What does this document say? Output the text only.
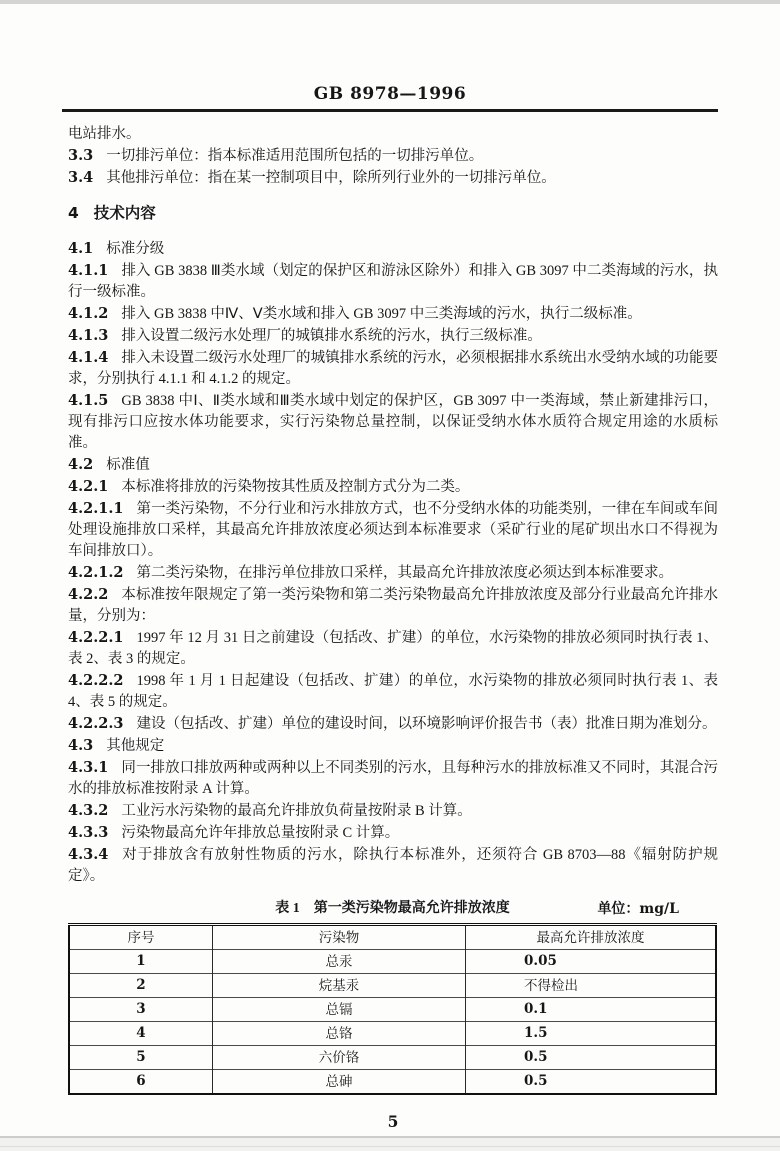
GB 8978—1996

电站排水。

3.3 一切排污单位：指本标准适用范围所包括的一切排污单位。

3.4 其他排污单位：指在某一控制项目中，除所列行业外的一切排污单位。

4 技术内容

4.1 标准分级

4.1.1 排入 GB 3838 Ⅲ类水域（划定的保护区和游泳区除外）和排入 GB 3097 中二类海域的污水，执行一级标准。

4.1.2 排入 GB 3838 中Ⅳ、Ⅴ类水域和排入 GB 3097 中三类海域的污水，执行二级标准。

4.1.3 排入设置二级污水处理厂的城镇排水系统的污水，执行三级标准。

4.1.4 排入未设置二级污水处理厂的城镇排水系统的污水，必须根据排水系统出水受纳水域的功能要求，分别执行 4.1.1 和 4.1.2 的规定。

4.1.5 GB 3838 中Ⅰ、Ⅱ类水域和Ⅲ类水域中划定的保护区，GB 3097 中一类海域，禁止新建排污口，现有排污口应按水体功能要求，实行污染物总量控制，以保证受纳水体水质符合规定用途的水质标准。

4.2 标准值

4.2.1 本标准将排放的污染物按其性质及控制方式分为二类。

4.2.1.1 第一类污染物，不分行业和污水排放方式，也不分受纳水体的功能类别，一律在车间或车间处理设施排放口采样，其最高允许排放浓度必须达到本标准要求（采矿行业的尾矿坝出水口不得视为车间排放口）。

4.2.1.2 第二类污染物，在排污单位排放口采样，其最高允许排放浓度必须达到本标准要求。

4.2.2 本标准按年限规定了第一类污染物和第二类污染物最高允许排放浓度及部分行业最高允许排水量，分别为：

4.2.2.1 1997 年 12 月 31 日之前建设（包括改、扩建）的单位，水污染物的排放必须同时执行表 1、表 2、表 3 的规定。

4.2.2.2 1998 年 1 月 1 日起建设（包括改、扩建）的单位，水污染物的排放必须同时执行表 1、表 4、表 5 的规定。

4.2.2.3 建设（包括改、扩建）单位的建设时间，以环境影响评价报告书（表）批准日期为准划分。

4.3 其他规定

4.3.1 同一排放口排放两种或两种以上不同类别的污水，且每种污水的排放标准又不同时，其混合污水的排放标准按附录 A 计算。

4.3.2 工业污水污染物的最高允许排放负荷量按附录 B 计算。

4.3.3 污染物最高允许年排放总量按附录 C 计算。

4.3.4 对于排放含有放射性物质的污水，除执行本标准外，还须符合 GB 8703—88《辐射防护规定》。

表 1　第一类污染物最高允许排放浓度	单位：mg/L
序号	污染物	最高允许排放浓度
1	总汞	0.05
2	烷基汞	不得检出
3	总镉	0.1
4	总铬	1.5
5	六价铬	0.5
6	总砷	0.5
5
